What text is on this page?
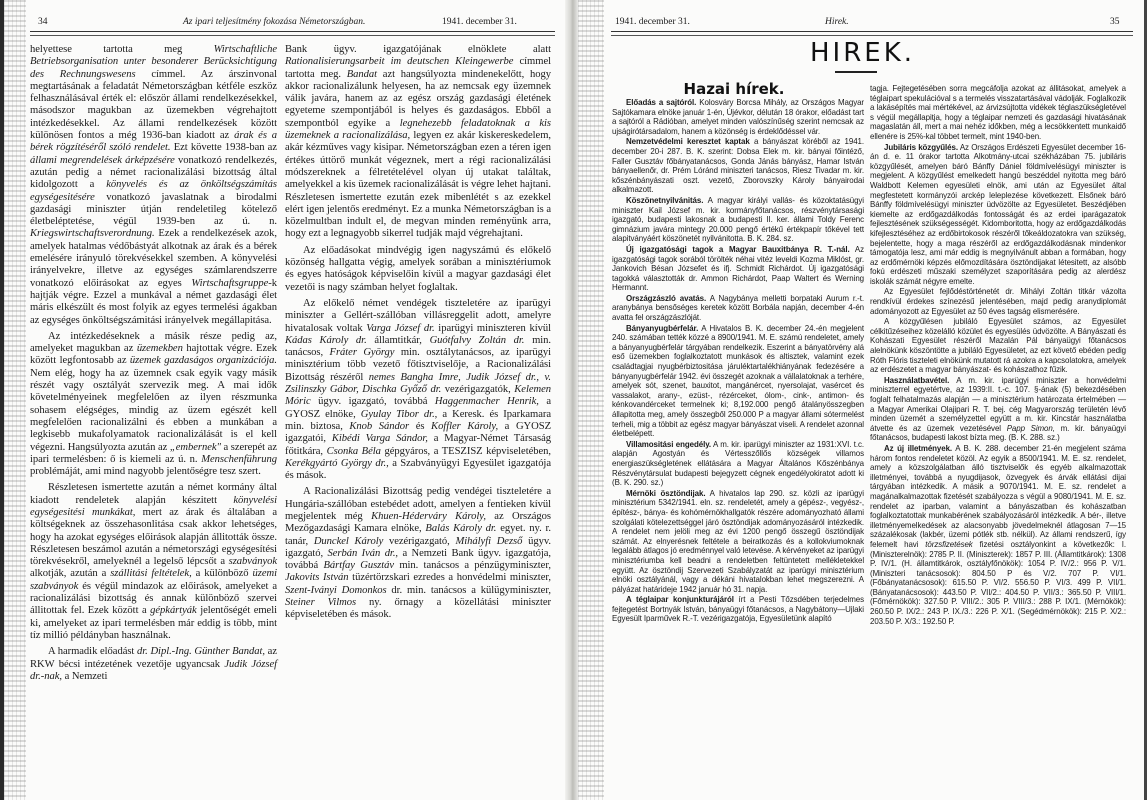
34	Az ipari teljesítmény fokozása Németországban.	1941. december 31.

helyettese tartotta meg Wirtschaftliche Betriebsorganisation unter besonderer Berücksichtigung des Rechnungswesens címmel. Az árszinvonal megtartásának a feladatát Németországban kétféle eszköz felhasználásával érték el: először állami rendelkezésekkel, másodszor magukban az üzemekben végrehajtott intézkedésekkel. Az állami rendelkezések között különösen fontos a még 1936-ban kiadott az árak és a bérek rögzítéséről szóló rendelet. Ezt követte 1938-ban az állami megrendelések árképzésére vonatkozó rendelkezés, azután pedig a német racionalizálási bizottság által kidolgozott a könyvelés és az önköltségszámítás egységesitésére vonatkozó javaslatnak a birodalmi gazdasági miniszter útján rendeletileg kötelező életbeléptetése, végül 1939-ben az ú. n. Kriegswirtschaftsverordnung. Ezek a rendelkezések azok, amelyek hatalmas védőbástyát alkotnak az árak és a bérek emelésére irányuló törekvésekkel szemben. A könyvelési irányelvekre, illetve az egységes számlarendszerre vonatkozó előirásokat az egyes Wirtschaftsgruppe-k hajtják végre. Ezzel a munkával a német gazdasági élet máris elkészült és most folyik az egyes termelési ágakban az egységes önköltségszámitási irányelvek megállapitása.

Az intézkedéseknek a másik része pedig az, amelyeket magukban az üzemekben hajtottak végre. Ezek között legfontosabb az üzemek gazdaságos organizációja. Nem elég, hogy ha az üzemnek csak egyik vagy másik részét vagy osztályát szervezik meg. A mai idők követelményeinek megfelelően az ilyen részmunka sohasem elégséges, mindig az üzem egészét kell megfelelően racionalizálni és ebben a munkában a legkisebb mukafolyamatok racionalizálását is el kell végezni. Hangsúlyozta azután az „embernek" a szerepét az ipari termelésben: ő is kiemeli az ú. n. Menschenführung problémáját, ami mind nagyobb jelentőségre tesz szert.

Részletesen ismertette azután a német kormány által kiadott rendeletek alapján készitett könyvelési egységesitési munkákat, mert az árak és általában a költségeknek az összehasonlitása csak akkor lehetséges, hogy ha azokat egységes előirások alapján állitották össze. Részletesen beszámol azután a németországi egységesítési törekvésekről, amelyeknél a legelső lépcsőt a szabványok alkotják, azután a szállitási feltételek, a különböző üzemi szabványok és végül mindazok az előirások, amelyeket a racionalizálási bizottság és annak különböző szervei állitottak fel. Ezek között a gépkártyák jelentőségét emeli ki, amelyeket az ipari termelésben már eddig is több, mint tíz millió példányban használnak.

A harmadik előadást dr. Dipl.-Ing. Günther Bandat, az RKW bécsi intézetének vezetője ugyancsak Judik József dr.-nak, a Nemzeti

Bank ügyv. igazgatójának elnöklete alatt Rationalisierungsarbeit im deutschen Kleingewerbe címmel tartotta meg. Bandat azt hangsúlyozta mindenekelőtt, hogy akkor racionalizálunk helyesen, ha az nemcsak egy üzemnek válik javára, hanem az az egész ország gazdasági életének egyeteme szempontjából is helyes és gazdaságos. Ebből a szempontból egyike a legnehezebb feladatoknak a kis üzemeknek a racionalizálása, legyen ez akár kiskereskedelem, akár kézműves vagy kisipar. Németországban ezen a téren igen értékes úttörő munkát végeznek, mert a régi racionalizálási módszereknek a félretételével olyan új utakat találtak, amelyekkel a kis üzemek racionalizálását is végre lehet hajtani. Részletesen ismertette ezután ezek mibenlétét s az ezekkel elért igen jelentős eredményt. Ez a munka Németországban is a közelmultban indult el, de megvan minden reményünk arra, hogy ezt a legnagyobb sikerrel tudják majd végrehajtani.

Az előadásokat mindvégig igen nagyszámú és előkelő közönség hallgatta végig, amelyek sorában a minisztériumok és egyes hatóságok képviselőin kívül a magyar gazdasági élet vezetői is nagy számban helyet foglaltak.

Az előkelő német vendégek tiszteletére az iparügyi miniszter a Gellért-szállóban villásreggelit adott, amelyre hivatalosak voltak Varga József dr. iparügyi miniszteren kívül Kádas Károly dr. államtitkár, Guótfalvy Zoltán dr. min. tanácsos, Fráter György min. osztálytanácsos, az iparügyi minisztérium több vezető főtisztviselője, a Racionalizálási Bizottság részéről nemes Bangha Imre, Judik József dr., v. Zsilinszky Gábor, Dischka Győző dr. vezérigazgatók, Kelemen Móric ügyv. igazgató, továbbá Haggenmacher Henrik, a GYOSZ elnöke, Gyulay Tibor dr., a Keresk. és Iparkamara min. biztosa, Knob Sándor és Koffler Károly, a GYOSZ igazgatói, Kibédi Varga Sándor, a Magyar-Német Társaság főtitkára, Csonka Béla gépgyáros, a TESZISZ képviseletében, Kerékgyártó György dr., a Szabványügyi Egyesület igazgatója és mások.

A Racionalizálási Bizottság pedig vendégei tiszteletére a Hungária-szállóban estebédet adott, amelyen a fentieken kívül megjelentek még Khuen-Héderváry Károly, az Országos Mezőgazdasági Kamara elnöke, Balás Károly dr. egyet. ny. r. tanár, Dunckel Károly vezérigazgató, Mihályfi Dezső ügyv. igazgató, Serbán Iván dr., a Nemzeti Bank ügyv. igazgatója, továbbá Bártfay Gusztáv min. tanácsos a pénzügyminiszter, Jakovits István tüzértörzskari ezredes a honvédelmi miniszter, Szent-Iványi Domonkos dr. min. tanácsos a külügyminiszter, Steiner Vilmos ny. őrnagy a közellátási miniszter képviseletében és mások.

1941. december 31.	Hirek.	35
HIREK.
Hazai hírek.

Előadás a sajtóról. Kolosváry Borcsa Mihály, az Országos Magyar Sajtókamara elnöke január 1-én, Újévkor, délután 18 órakor, előadást tart a sajtóról a Rádióban, amelyet minden valószínűség szerint nemcsak az ujságirótársadalom, hanem a közönség is érdeklődéssel vár.

Nemzetvédelmi keresztet kaptak a bányászat köréből az 1941. december 20-i 287. B. K. szerint: Dobsa Elek m. kir. bányai főintéző, Faller Gusztáv főbányatanácsos, Gonda Jánás bányász, Hamar István bányaellenőr, dr. Prém Lóránd miniszteri tanácsos, Riesz Tivadar m. kir. kőszénbányászati oszt. vezető, Zborovszky Károly bányairodai alkalmazott.

Köszönetnyilvánitás. A magyar királyi vallás- és közoktatásügyi miniszter Kail József m. kir. kormányfőtanácsos, részvénytársasági igazgató, budapesti lakosnak a budapesti II. ker. állami Toldy Ferenc gimnázium javára mintegy 20.000 pengő értékű értékpapír tőkével tett alapitványáért köszönetét nyilvánitotta. B. K. 284. sz.

Új igazgatósági tagok a Magyar Bauxitbánya R. T.-nál. Az igazgatósági tagok sorából törölték néhai vitéz leveldi Kozma Miklóst, gr. Jankovich Bésan Józsefet és ifj. Schmidt Richárdot. Új igazgatósági tagokká választották dr. Ammon Richárdot, Paap Waltert és Werning Hermannt.

Országzászló avatás. A Nagybánya melletti borpataki Aurum r.-t. aranybánya bensőséges keretek között Borbála napján, december 4-én avatta fel országzászlóját.

Bányanyugbérfelár. A Hivatalos B. K. december 24.-én megjelent 240. számában tették közzé a 8900/1941. M. E. számú rendeletet, amely a bányanyugbérfelár tárgyában rendelkezik. Eszerint a bányatörvény alá eső üzemekben foglalkoztatott munkások és altisztek, valamint ezek családtagjai nyugbérbiztositása járuléktartalékhiányának fedezésére a bányanyugbérfelár 1942. évi összegét azoknak a vállalatoknak a terhére, amelyek sót, szenet, bauxitot, mangánércet, nyersolajat, vasércet és vassalakot, arany-, ezüst-, rézérceket, ólom-, cink-, antimon- és kénkovandérceket termelnek ki; 8,192.000 pengő átalányösszegben állapitotta meg, amely összegből 250.000 P a magyar állami sótermelést terheli, mig a többit az egész magyar bányászat viseli. A rendelet azonnal életbelépett.

Villamositási engedély. A m. kir. iparügyi miniszter az 1931:XVI. t.c. alapján Agostyán és Vértesszőllős községek villamos energiaszükségletének ellátására a Magyar Általános Kőszénbánya Részvénytársulat budapesti bejegyzett cégnek engedélyokiratot adott ki (B. K. 290. sz.)

Mérnöki ösztöndijak. A hivatalos lap 290. sz. közli az iparügyi minisztérium 5342/1941. eln. sz. rendeletét, amely a gépész-, vegyész-, építész-, bánya- és kohómérnökhallgatók részére adományozható állami szolgálati kötelezettséggel járó ösztöndijak adományozásáról intézkedik. A rendelet nem jelöli meg az évi 1200 pengő összegű ösztöndijak számát. Az elnyerésnek feltétele a beiratkozás és a kollokviumoknak legalább átlagos jó eredménnyel való letevése. A kérvényeket az iparügyi minisztériumba kell beadni a rendeletben feltüntetett mellékletekkel együtt. Az ösztöndij Szervezeti Szabályzatát az iparügyi minisztérium elnöki osztályánál, vagy a dékáni hivatalokban lehet megszerezni. A pályázat határideje 1942 január hó 31. napja.

A téglaipar konjunkturájáról írt a Pesti Tőzsdében terjedelmes fejtegetést Bortnyák István, bányaügyi főtanácsos, a Nagybátony—Ujlaki Egyesült Iparművek R.-T. vezérigazgatója, Egyesületünk alapító

tagja. Fejtegetésében sorra megcáfolja azokat az állitásokat, amelyek a téglaipart spekulációval s a termelés visszatartásával vádolják. Foglalkozik a lakásépítés mai mértékével, az árvizsújtotta vidékek téglaszükségletével s végül megállapitja, hogy a téglaipar nemzeti és gazdasági hivatásának magaslatán áll, mert a mai nehéz időkben, még a lecsökkentett munkaidő ellenére is 25%-kal többet termelt, mint 1940-ben.

Jubiláris közgyűlés. Az Országos Erdészeti Egyesület december 16-án d. e. 11 órakor tartotta Alkotmány-utcai székházában 75. jubiláris közgyűlését, amelyen báró Bánffy Dániel földmívelésügyi miniszter is megjelent. A közgyűlést emelkedett hangú beszéddel nyitotta meg báró Waldbott Kelemen egyesületi elnök, ami után az Egyesület által megfestetett kormányzói arckép leleplezése következett. Elsőnek báró Bánffy földmívelésügyi miniszter üdvözölte az Egyesületet. Beszédjében kiemelte az erdőgazdálkodás fontosságát és az erdei iparágazatok fejlesztésének szükségességét. Kidomboritotta, hogy az erdőgazdálkodás kifejlesztéséhez az erdőbirtokosok részéről tőkeáldozatokra van szükség, bejelentette, hogy a maga részéről az erdőgazdálkodásnak mindenkor támogatója lesz, ami már eddig is megnyilvánult abban a formában, hogy az erdőmérnöki képzés előmozdítására ösztöndijakat létesitett, az alsóbb fokú erdészeti műszaki személyzet szaporítására pedig az alerdész iskolák számát négyre emelte.

Az Egyesület fejlődéstörténetét dr. Mihályi Zoltán titkár vázolta rendkívül érdekes színezésű jelentésében, majd pedig aranydiplomát adományozott az Egyesület az 50 éves tagság elismerésére.

A közgyűlésen jubiláló Egyesület számos, az Egyesület célkitűzéseihez közelálló közület és egyesülés üdvözölte. A Bányászati és Kohászati Egyesület részéről Mazalán Pál bányaügyi főtanácsos alelnökünk köszöntötte a jubiláló Egyesületet, az ezt követő ebéden pedig Róth Flóris tiszteleti elnökünk mutatott rá azokra a kapcsolatokra, amelyek az erdészetet a magyar bányászat- és kohászathoz fűzik.

Használatbavétel. A m. kir. iparügyi miniszter a honvédelmi miniszterrel egyetértve, az 1939:II. t.-c. 107. §-ának (5) bekezdésében foglalt felhatalmazás alapján — a minisztérium határozata értelmében — a Magyar Amerikai Olajipari R. T. bej. cég Magyarország területén lévő minden üzemét a személyzettel együtt a m. kir. Kincstár használatba átvette és az üzemek vezetésével Papp Simon, m. kir. bányaügyi főtanácsos, budapesti lakost bízta meg. (B. K. 288. sz.)

Az új illetmények. A B. K. 288. december 21-én megjelent száma három fontos rendeletet közöl. Az egyik a 8500/1941. M. E. sz. rendelet, amely a közszolgálatban álló tisztviselők és egyéb alkalmazottak illetményei, továbbá a nyugdijasok, özvegyek és árvák ellátási dijai tárgyában intézkedik. A másik a 9070/1941. M. E. sz. rendelet a magánalkalmazottak fizetését szabályozza s végül a 9080/1941. M. E. sz. rendelet az iparban, valamint a bányászatban és kohászatban foglalkoztatottak munkabérének szabályozásáról intézkedik. A bér-, illetve illetményemelkedések az alacsonyabb jövedelmeknél átlagosan 7—15 százalékosak (lakbér, üzemi pótlék stb. nélkül). Az állami rendszerű, így felemelt havi törzsfizetések fizetési osztályonkint a következők: I. (Miniszterelnök): 2785 P. II. (Miniszterek): 1857 P. III. (Államtitkárok): 1308 P. IV/1. (H. államtitkárok, osztályfőnökök): 1054 P. IV/2.: 956 P. V/1. (Miniszteri tanácsosok): 804.50 P és V/2. 707 P. VI/1. (Főbányatanácsosok): 615.50 P. VI/2. 556.50 P. VI/3. 499 P. VII/1. (Bányatanácsosok): 443.50 P. VII/2.: 404.50 P. VII/3.: 365.50 P. VIII/1. (Főmérnökök): 327.50 P. VIII/2.: 305 P. VIII/3.: 288 P. IX/1. (Mérnökök): 260.50 P. IX/2.: 243 P. IX./3.: 226 P. X/1. (Segédmérnökök): 215 P. X/2.: 203.50 P. X/3.: 192.50 P.
